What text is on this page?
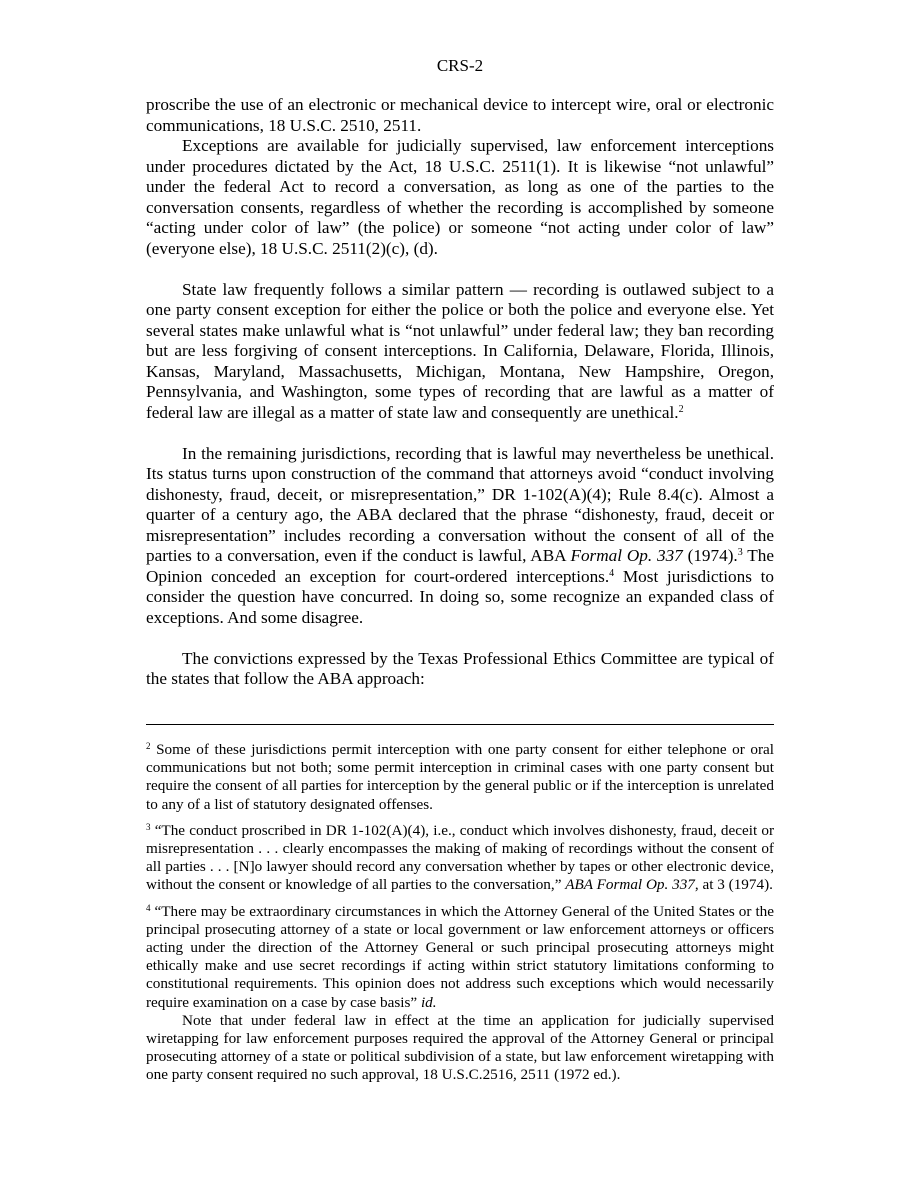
CRS-2

proscribe the use of an electronic or mechanical device to intercept wire, oral or electronic communications, 18 U.S.C. 2510, 2511.

Exceptions are available for judicially supervised, law enforcement interceptions under procedures dictated by the Act, 18 U.S.C. 2511(1). It is likewise “not unlawful” under the federal Act to record a conversation, as long as one of the parties to the conversation consents, regardless of whether the recording is accomplished by someone “acting under color of law” (the police) or someone “not acting under color of law” (everyone else), 18 U.S.C. 2511(2)(c), (d).

State law frequently follows a similar pattern — recording is outlawed subject to a one party consent exception for either the police or both the police and everyone else. Yet several states make unlawful what is “not unlawful” under federal law; they ban recording but are less forgiving of consent interceptions. In California, Delaware, Florida, Illinois, Kansas, Maryland, Massachusetts, Michigan, Montana, New Hampshire, Oregon, Pennsylvania, and Washington, some types of recording that are lawful as a matter of federal law are illegal as a matter of state law and consequently are unethical.$^2$

In the remaining jurisdictions, recording that is lawful may nevertheless be unethical. Its status turns upon construction of the command that attorneys avoid “conduct involving dishonesty, fraud, deceit, or misrepresentation,” DR 1-102(A)(4); Rule 8.4(c). Almost a quarter of a century ago, the ABA declared that the phrase “dishonesty, fraud, deceit or misrepresentation” includes recording a conversation without the consent of all of the parties to a conversation, even if the conduct is lawful, ABA Formal Op. 337 (1974).$^3$ The Opinion conceded an exception for court-ordered interceptions.$^4$ Most jurisdictions to consider the question have concurred. In doing so, some recognize an expanded class of exceptions. And some disagree.

The convictions expressed by the Texas Professional Ethics Committee are typical of the states that follow the ABA approach:

$^2$ Some of these jurisdictions permit interception with one party consent for either telephone or oral communications but not both; some permit interception in criminal cases with one party consent but require the consent of all parties for interception by the general public or if the interception is unrelated to any of a list of statutory designated offenses.

$^3$ “The conduct proscribed in DR 1-102(A)(4), i.e., conduct which involves dishonesty, fraud, deceit or misrepresentation . . . clearly encompasses the making of making of recordings without the consent of all parties . . . [N]o lawyer should record any conversation whether by tapes or other electronic device, without the consent or knowledge of all parties to the conversation,” ABA Formal Op. 337, at 3 (1974).

$^4$ “There may be extraordinary circumstances in which the Attorney General of the United States or the principal prosecuting attorney of a state or local government or law enforcement attorneys or officers acting under the direction of the Attorney General or such principal prosecuting attorneys might ethically make and use secret recordings if acting within strict statutory limitations conforming to constitutional requirements. This opinion does not address such exceptions which would necessarily require examination on a case by case basis” id.

Note that under federal law in effect at the time an application for judicially supervised wiretapping for law enforcement purposes required the approval of the Attorney General or principal prosecuting attorney of a state or political subdivision of a state, but law enforcement wiretapping with one party consent required no such approval, 18 U.S.C.2516, 2511 (1972 ed.).
